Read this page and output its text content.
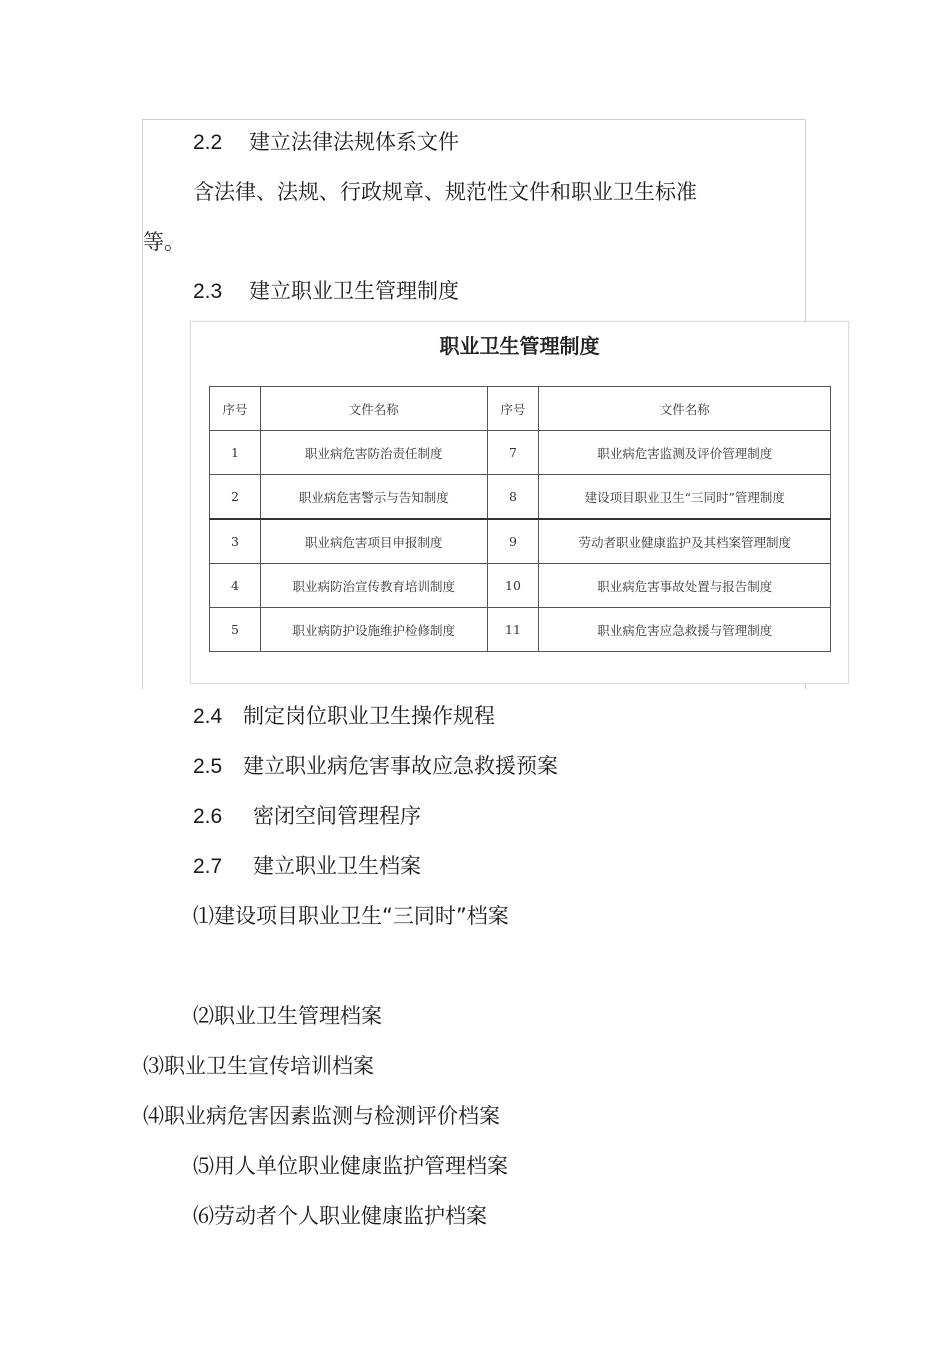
2.2 建立法律法规体系文件
含法律、法规、行政规章、规范性文件和职业卫生标准
等。
2.3 建立职业卫生管理制度
职业卫生管理制度
序号	文件名称	序号	文件名称
1	职业病危害防治责任制度	7	职业病危害监测及评价管理制度
2	职业病危害警示与告知制度	8	建设项目职业卫生“三同时”管理制度
3	职业病危害项目申报制度	9	劳动者职业健康监护及其档案管理制度
4	职业病防治宣传教育培训制度	10	职业病危害事故处置与报告制度
5	职业病防护设施维护检修制度	11	职业病危害应急救援与管理制度
2.4 制定岗位职业卫生操作规程
2.5 建立职业病危害事故应急救援预案
2.6 密闭空间管理程序
2.7 建立职业卫生档案
⑴建设项目职业卫生“三同时”档案
⑵职业卫生管理档案
⑶职业卫生宣传培训档案
⑷职业病危害因素监测与检测评价档案
⑸用人单位职业健康监护管理档案
⑹劳动者个人职业健康监护档案
